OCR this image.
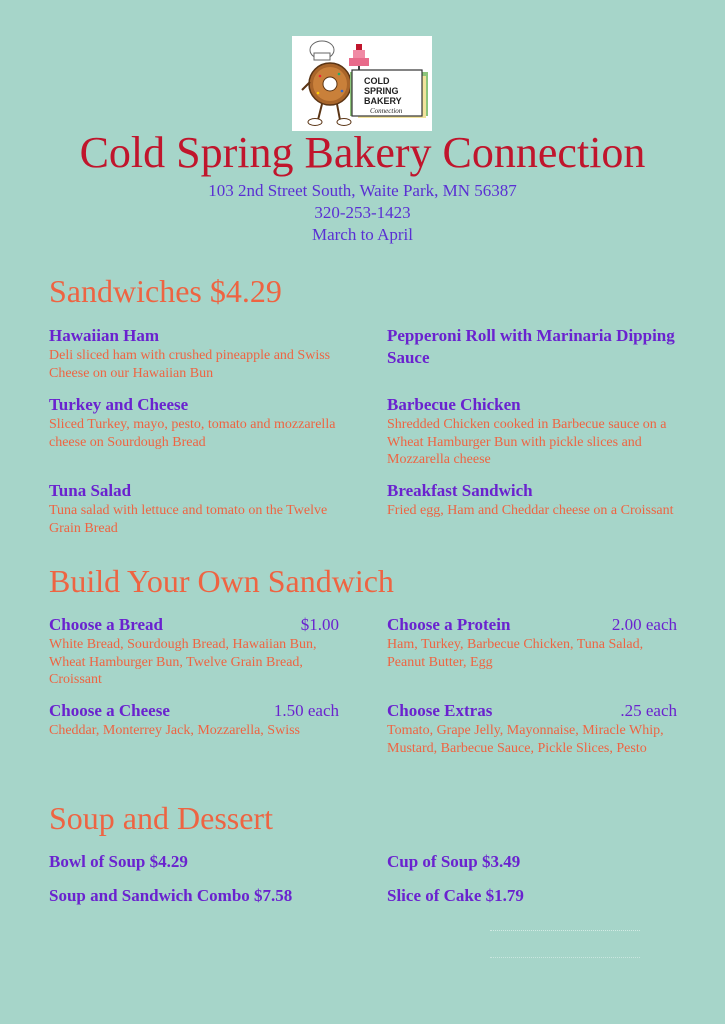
COLD
SPRING
BAKERY
Connection
Cold Spring Bakery Connection
103 2nd Street South, Waite Park, MN 56387
320-253-1423
March to April
Sandwiches $4.29
Hawaiian Ham
Deli sliced ham with crushed pineapple and Swiss Cheese on our Hawaiian Bun
Pepperoni Roll with Marinaria Dipping Sauce
Turkey and Cheese
Sliced Turkey, mayo, pesto, tomato and mozzarella cheese on Sourdough Bread
Barbecue Chicken
Shredded Chicken cooked in Barbecue sauce on a Wheat Hamburger Bun with pickle slices and Mozzarella cheese
Tuna Salad
Tuna salad with lettuce and tomato on the Twelve Grain Bread
Breakfast Sandwich
Fried egg, Ham and Cheddar cheese on a Croissant
Build Your Own Sandwich
Choose a Bread	$1.00
White Bread, Sourdough Bread, Hawaiian Bun, Wheat Hamburger Bun, Twelve Grain Bread, Croissant
Choose a Protein	2.00 each
Ham, Turkey, Barbecue Chicken, Tuna Salad, Peanut Butter, Egg
Choose a Cheese	1.50 each
Cheddar, Monterrey Jack, Mozzarella, Swiss
Choose Extras	.25 each
Tomato, Grape Jelly, Mayonnaise, Miracle Whip, Mustard, Barbecue Sauce, Pickle Slices, Pesto
Soup and Dessert
Bowl of Soup $4.29	Cup of Soup $3.49
Soup and Sandwich Combo $7.58	Slice of Cake $1.79
